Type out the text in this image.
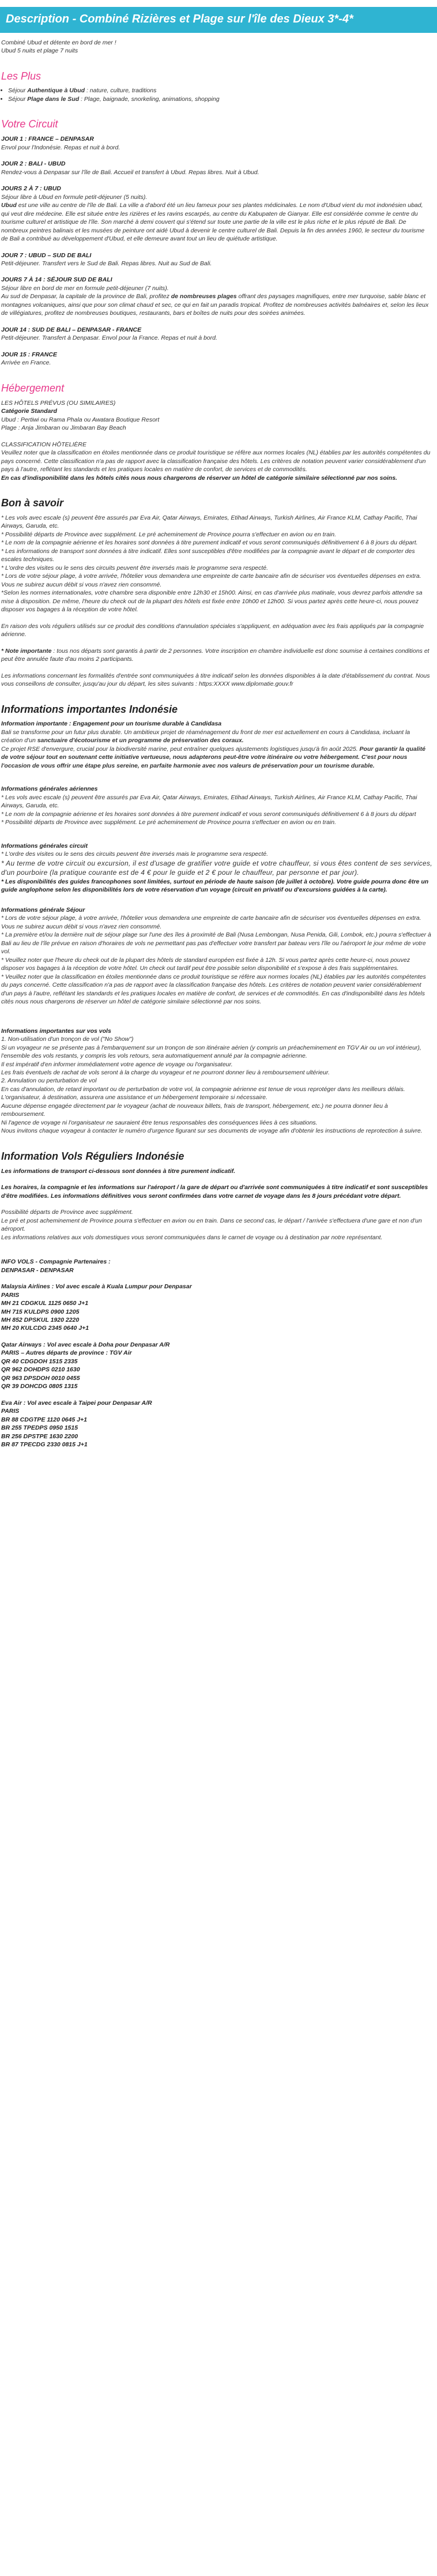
Description - Combiné Rizières et Plage sur l'île des Dieux 3*-4*

Combiné Ubud et détente en bord de mer !

Ubud 5 nuits et plage 7 nuits

Les Plus
• Séjour Authentique à Ubud : nature, culture, traditions
• Séjour Plage dans le Sud : Plage, baignade, snorkeling, animations, shopping
Votre Circuit

JOUR 1 : FRANCE – DENPASAR

Envol pour l'Indonésie. Repas et nuit à bord.

JOUR 2 : BALI - UBUD

Rendez-vous à Denpasar sur l'île de Bali. Accueil et transfert à Ubud. Repas libres. Nuit à Ubud.

JOURS 2 À 7 : UBUD

Séjour libre à Ubud en formule petit-déjeuner (5 nuits).

Ubud est une ville au centre de l'île de Bali. La ville a d'abord été un lieu fameux pour ses plantes médicinales. Le nom d'Ubud vient du mot indonésien ubad, qui veut dire médecine. Elle est située entre les rizières et les ravins escarpés, au centre du Kabupaten de Gianyar. Elle est considérée comme le centre du tourisme culturel et artistique de l'île. Son marché à demi couvert qui s'étend sur toute une partie de la ville est le plus riche et le plus réputé de Bali. De nombreux peintres balinais et les musées de peinture ont aidé Ubud à devenir le centre culturel de Bali. Depuis la fin des années 1960, le secteur du tourisme de Bali a contribué au développement d'Ubud, et elle demeure avant tout un lieu de quiétude artistique.

JOUR 7 : UBUD – SUD DE BALI

Petit-déjeuner. Transfert vers le Sud de Bali. Repas libres. Nuit au Sud de Bali.

JOURS 7 À 14 : SÉJOUR SUD DE BALI

Séjour libre en bord de mer en formule petit-déjeuner (7 nuits).

Au sud de Denpasar, la capitale de la province de Bali, profitez de nombreuses plages offrant des paysages magnifiques, entre mer turquoise, sable blanc et montagnes volcaniques, ainsi que pour son climat chaud et sec, ce qui en fait un paradis tropical. Profitez de nombreuses activités balnéaires et, selon les lieux de villégiatures, profitez de nombreuses boutiques, restaurants, bars et boîtes de nuits pour des soirées animées.

JOUR 14 : SUD DE BALI – DENPASAR - FRANCE

Petit-déjeuner. Transfert à Denpasar. Envol pour la France. Repas et nuit à bord.

JOUR 15 : FRANCE

Arrivée en France.

Hébergement

LES HÔTELS PRÉVUS (OU SIMILAIRES)

Catégorie Standard

Ubud : Pertiwi ou Rama Phala ou Awatara Boutique Resort

Plage : Anja Jimbaran ou Jimbaran Bay Beach

CLASSIFICATION HÔTELIÈRE

Veuillez noter que la classification en étoiles mentionnée dans ce produit touristique se réfère aux normes locales (NL) établies par les autorités compétentes du pays concerné. Cette classification n'a pas de rapport avec la classification française des hôtels. Les critères de notation peuvent varier considérablement d'un pays à l'autre, reflétant les standards et les pratiques locales en matière de confort, de services et de commodités.

En cas d'indisponibilité dans les hôtels cités nous nous chargerons de réserver un hôtel de catégorie similaire sélectionné par nos soins.

Bon à savoir

* Les vols avec escale (s) peuvent être assurés par Eva Air, Qatar Airways, Emirates, Etihad Airways, Turkish Airlines, Air France KLM, Cathay Pacific, Thai Airways, Garuda, etc.

* Possibilité départs de Province avec supplément. Le pré acheminement de Province pourra s'effectuer en avion ou en train.

* Le nom de la compagnie aérienne et les horaires sont données à titre purement indicatif et vous seront communiqués définitivement 6 à 8 jours du départ.

* Les informations de transport sont données à titre indicatif. Elles sont susceptibles d'être modifiées par la compagnie avant le départ et de comporter des escales techniques.

* L'ordre des visites ou le sens des circuits peuvent être inversés mais le programme sera respecté.

* Lors de votre séjour plage, à votre arrivée, l'hôtelier vous demandera une empreinte de carte bancaire afin de sécuriser vos éventuelles dépenses en extra. Vous ne subirez aucun débit si vous n'avez rien consommé.

*Selon les normes internationales, votre chambre sera disponible entre 12h30 et 15h00. Ainsi, en cas d'arrivée plus matinale, vous devrez parfois attendre sa mise à disposition. De même, l'heure du check out de la plupart des hôtels est fixée entre 10h00 et 12h00. Si vous partez après cette heure-ci, nous pouvez disposer vos bagages à la réception de votre hôtel.

En raison des vols réguliers utilisés sur ce produit des conditions d'annulation spéciales s'appliquent, en adéquation avec les frais appliqués par la compagnie aérienne.

* Note importante : tous nos départs sont garantis à partir de 2 personnes. Votre inscription en chambre individuelle est donc soumise à certaines conditions et peut être annulée faute d'au moins 2 participants.

Les informations concernant les formalités d'entrée sont communiquées à titre indicatif selon les données disponibles à la date d'établissement du contrat. Nous vous conseillons de consulter, jusqu'au jour du départ, les sites suivants : https:XXXX www.diplomatie.gouv.fr

Informations importantes Indonésie

Information importante : Engagement pour un tourisme durable à Candidasa

Bali se transforme pour un futur plus durable. Un ambitieux projet de réaménagement du front de mer est actuellement en cours à Candidasa, incluant la création d'un sanctuaire d'écotourisme et un programme de préservation des coraux.

Ce projet RSE d'envergure, crucial pour la biodiversité marine, peut entraîner quelques ajustements logistiques jusqu'à fin août 2025. Pour garantir la qualité de votre séjour tout en soutenant cette initiative vertueuse, nous adapterons peut-être votre itinéraire ou votre hébergement. C'est pour nous l'occasion de vous offrir une étape plus sereine, en parfaite harmonie avec nos valeurs de préservation pour un tourisme durable.

Informations générales aériennes

* Les vols avec escale (s) peuvent être assurés par Eva Air, Qatar Airways, Emirates, Etihad Airways, Turkish Airlines, Air France KLM, Cathay Pacific, Thai Airways, Garuda, etc.

* Le nom de la compagnie aérienne et les horaires sont données à titre purement indicatif et vous seront communiqués définitivement 6 à 8 jours du départ

* Possibilité départs de Province avec supplément. Le pré acheminement de Province pourra s'effectuer en avion ou en train.

Informations générales circuit

* L'ordre des visites ou le sens des circuits peuvent être inversés mais le programme sera respecté.

* Au terme de votre circuit ou excursion, il est d'usage de gratifier votre guide et votre chauffeur, si vous êtes content de ses services, d'un pourboire (la pratique courante est de 4 € pour le guide et 2 € pour le chauffeur, par personne et par jour).

* Les disponibilités des guides francophones sont limitées, surtout en période de haute saison (de juillet à octobre). Votre guide pourra donc être un guide anglophone selon les disponibilités lors de votre réservation d'un voyage (circuit en privatif ou d'excursions guidées à la carte).

Informations générale Séjour

* Lors de votre séjour plage, à votre arrivée, l'hôtelier vous demandera une empreinte de carte bancaire afin de sécuriser vos éventuelles dépenses en extra. Vous ne subirez aucun débit si vous n'avez rien consommé.

* La première et/ou la dernière nuit de séjour plage sur l'une des îles à proximité de Bali (Nusa Lembongan, Nusa Penida, Gili, Lombok, etc.) pourra s'effectuer à Bali au lieu de l'île prévue en raison d'horaires de vols ne permettant pas pas d'effectuer votre transfert par bateau vers l'île ou l'aéroport le jour même de votre vol.

* Veuillez noter que l'heure du check out de la plupart des hôtels de standard européen est fixée à 12h. Si vous partez après cette heure-ci, nous pouvez disposer vos bagages à la réception de votre hôtel. Un check out tardif peut être possible selon disponibilité et s'expose à des frais supplémentaires.

* Veuillez noter que la classification en étoiles mentionnée dans ce produit touristique se réfère aux normes locales (NL) établies par les autorités compétentes du pays concerné. Cette classification n'a pas de rapport avec la classification française des hôtels. Les critères de notation peuvent varier considérablement d'un pays à l'autre, reflétant les standards et les pratiques locales en matière de confort, de services et de commodités. En cas d'indisponibilité dans les hôtels cités nous nous chargerons de réserver un hôtel de catégorie similaire sélectionné par nos soins.

Informations importantes sur vos vols

1. Non-utilisation d'un tronçon de vol ("No Show")

Si un voyageur ne se présente pas à l'embarquement sur un tronçon de son itinéraire aérien (y compris un préacheminement en TGV Air ou un vol intérieur), l'ensemble des vols restants, y compris les vols retours, sera automatiquement annulé par la compagnie aérienne.

Il est impératif d'en informer immédiatement votre agence de voyage ou l'organisateur.

Les frais éventuels de rachat de vols seront à la charge du voyageur et ne pourront donner lieu à remboursement ultérieur.

2. Annulation ou perturbation de vol

En cas d'annulation, de retard important ou de perturbation de votre vol, la compagnie aérienne est tenue de vous reprotéger dans les meilleurs délais.

L'organisateur, à destination, assurera une assistance et un hébergement temporaire si nécessaire.

Aucune dépense engagée directement par le voyageur (achat de nouveaux billets, frais de transport, hébergement, etc.) ne pourra donner lieu à remboursement.

Ni l'agence de voyage ni l'organisateur ne sauraient être tenus responsables des conséquences liées à ces situations.

Nous invitons chaque voyageur à contacter le numéro d'urgence figurant sur ses documents de voyage afin d'obtenir les instructions de reprotection à suivre.

Information Vols Réguliers Indonésie

Les informations de transport ci-dessous sont données à titre purement indicatif.

Les horaires, la compagnie et les informations sur l'aéroport / la gare de départ ou d'arrivée sont communiquées à titre indicatif et sont susceptibles d'être modifiées. Les informations définitives vous seront confirmées dans votre carnet de voyage dans les 8 jours précédant votre départ.

Possibilité départs de Province avec supplément.

Le pré et post acheminement de Province pourra s'effectuer en avion ou en train. Dans ce second cas, le départ / l'arrivée s'effectuera d'une gare et non d'un aéroport.

Les informations relatives aux vols domestiques vous seront communiquées dans le carnet de voyage ou à destination par notre représentant.

INFO VOLS - Compagnie Partenaires :

DENPASAR - DENPASAR

Malaysia Airlines : Vol avec escale à Kuala Lumpur pour Denpasar

PARIS

MH 21 CDGKUL 1125 0650 J+1

MH 715 KULDPS 0900 1205

MH 852 DPSKUL 1920 2220

MH 20 KULCDG 2345 0640 J+1

Qatar Airways : Vol avec escale à Doha pour Denpasar A/R

PARIS – Autres départs de province : TGV Air

QR 40 CDGDOH 1515 2335

QR 962 DOHDPS 0210 1630

QR 963 DPSDOH 0010 0455

QR 39 DOHCDG 0805 1315

Eva Air : Vol avec escale à Taipei pour Denpasar A/R

PARIS

BR 88 CDGTPE 1120 0645 J+1

BR 255 TPEDPS 0950 1515

BR 256 DPSTPE 1630 2200

BR 87 TPECDG 2330 0815 J+1
